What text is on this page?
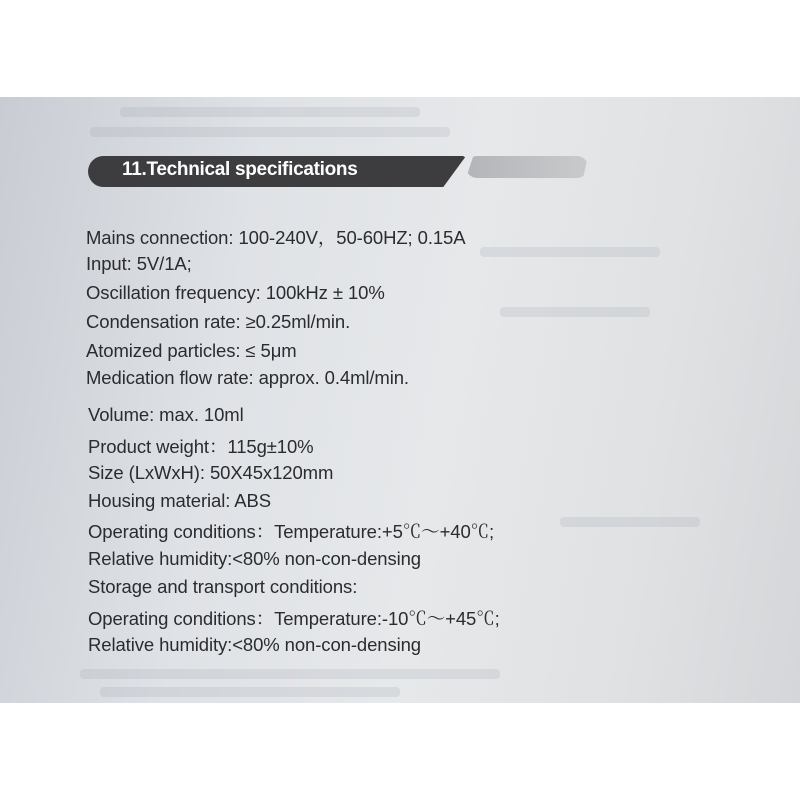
11.Technical specifications
Mains connection: 100-240V，50-60HZ; 0.15A
Input: 5V/1A;
Oscillation frequency: 100kHz ± 10%
Condensation rate: ≥0.25ml/min.
Atomized particles: ≤ 5μm
Medication flow rate: approx. 0.4ml/min.
Volume: max. 10ml
Product weight：115g±10%
Size (LxWxH): 50X45x120mm
Housing material: ABS
Operating conditions：Temperature:+5℃～+40℃;
Relative humidity:<80% non-con-densing
Storage and transport conditions:
Operating conditions：Temperature:-10℃～+45℃;
Relative humidity:<80% non-con-densing
